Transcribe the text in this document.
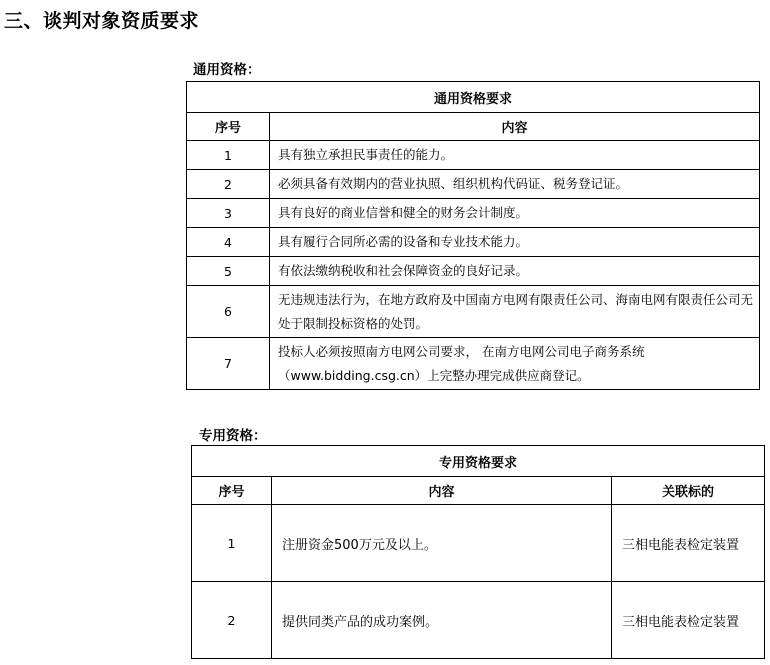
三、谈判对象资质要求

通用资格：

通用资格要求	
序号	内容
1	具有独立承担民事责任的能力。
2	必须具备有效期内的营业执照、组织机构代码证、税务登记证。
3	具有良好的商业信誉和健全的财务会计制度。
4	具有履行合同所必需的设备和专业技术能力。
5	有依法缴纳税收和社会保障资金的良好记录。
6	无违规违法行为，在地方政府及中国南方电网有限责任公司、海南电网有限责任公司无处于限制投标资格的处罚。
7	投标人必须按照南方电网公司要求， 在南方电网公司电子商务系统（www.bidding.csg.cn）上完整办理完成供应商登记。

专用资格：

专用资格要求		
序号	内容	关联标的
1	注册资金500万元及以上。	三相电能表检定装置
2	提供同类产品的成功案例。	三相电能表检定装置
